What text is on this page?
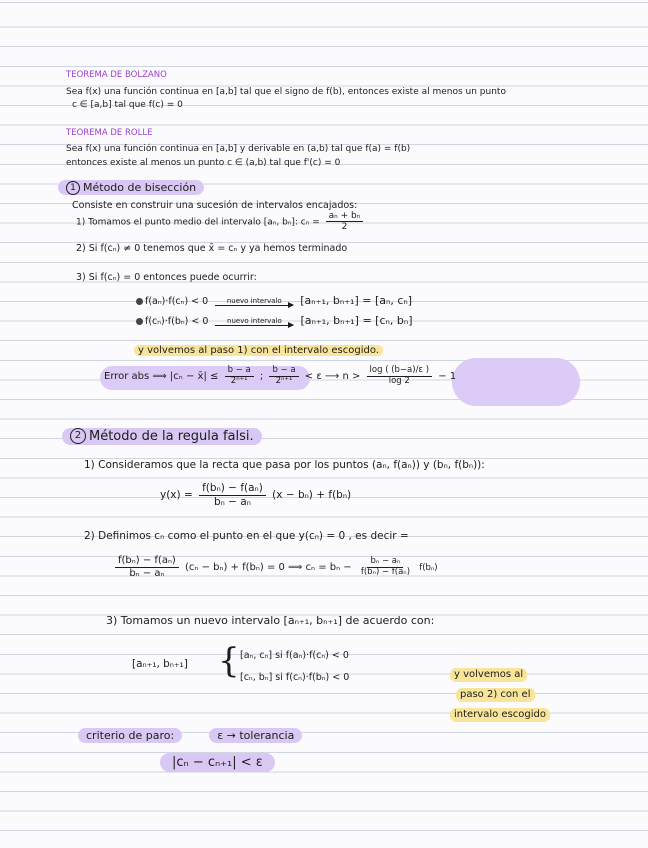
TEOREMA DE BOLZANO
Sea f(x) una función continua en [a,b] tal que el signo de f(b), entonces existe al menos un punto
c ∈ [a,b] tal que f(c) = 0
TEOREMA DE ROLLE
Sea f(x) una función continua en [a,b] y derivable en (a,b) tal que f(a) = f(b)
entonces existe al menos un punto c ∈ (a,b) tal que f'(c) = 0
1 Método de bisección
Consiste en construir una sucesión de intervalos encajados:
1) Tomamos el punto medio del intervalo [aₙ, bₙ]: $c_n = \frac{\text{aₙ + bₙ}}{2}$
2) Si f(cₙ) ≠ 0 tenemos que x̄ = cₙ y ya hemos terminado
3) Si f(cₙ) = 0 entonces puede ocurrir:
f(aₙ)·f(cₙ) < 0	nuevo intervalo [aₙ₊₁, bₙ₊₁] = [aₙ, cₙ]
f(cₙ)·f(bₙ) < 0	nuevo intervalo [aₙ₊₁, bₙ₊₁] = [cₙ, bₙ]
y volvemos al paso 1) con el intervalo escogido.
Error abs ⟹ |cₙ − x̄| ≤ $\frac{b - a}{\text{2ⁿ⁺¹}}$ ; $\frac{b - a}{\text{2ⁿ⁺¹}} < \varepsilon$ ⟶ $n > \frac{\log ( (b-a)/\varepsilon )}{\log 2} - 1$
2 Método de la regula falsi.
1) Consideramos que la recta que pasa por los puntos (aₙ, f(aₙ)) y (bₙ, f(bₙ)):
$y(x) = \frac{\text{f(bₙ) − f(aₙ)}}{\text{bₙ − aₙ}} (x - b_n) + f(b_n)$
2) Definimos cₙ como el punto en el que y(cₙ) = 0 , es decir =
$\frac{\text{f(bₙ) − f(aₙ)}}{\text{bₙ − aₙ}} (c_n - b_n) + f(b_n) = 0$ ⟹ $c_n = b_n - \frac{\text{bₙ − aₙ}}{\text{f(bₙ) − f(aₙ)}} f(b_n)$
3) Tomamos un nuevo intervalo [aₙ₊₁, bₙ₊₁] de acuerdo con:
[aₙ₊₁, bₙ₊₁] { [aₙ, cₙ] si f(aₙ)·f(cₙ) < 0
[cₙ, bₙ] si f(cₙ)·f(bₙ) < 0	y volvemos al
paso 2) con el
intervalo escogido
criterio de paro:	ε → tolerancia
|cₙ − cₙ₊₁| < ε
